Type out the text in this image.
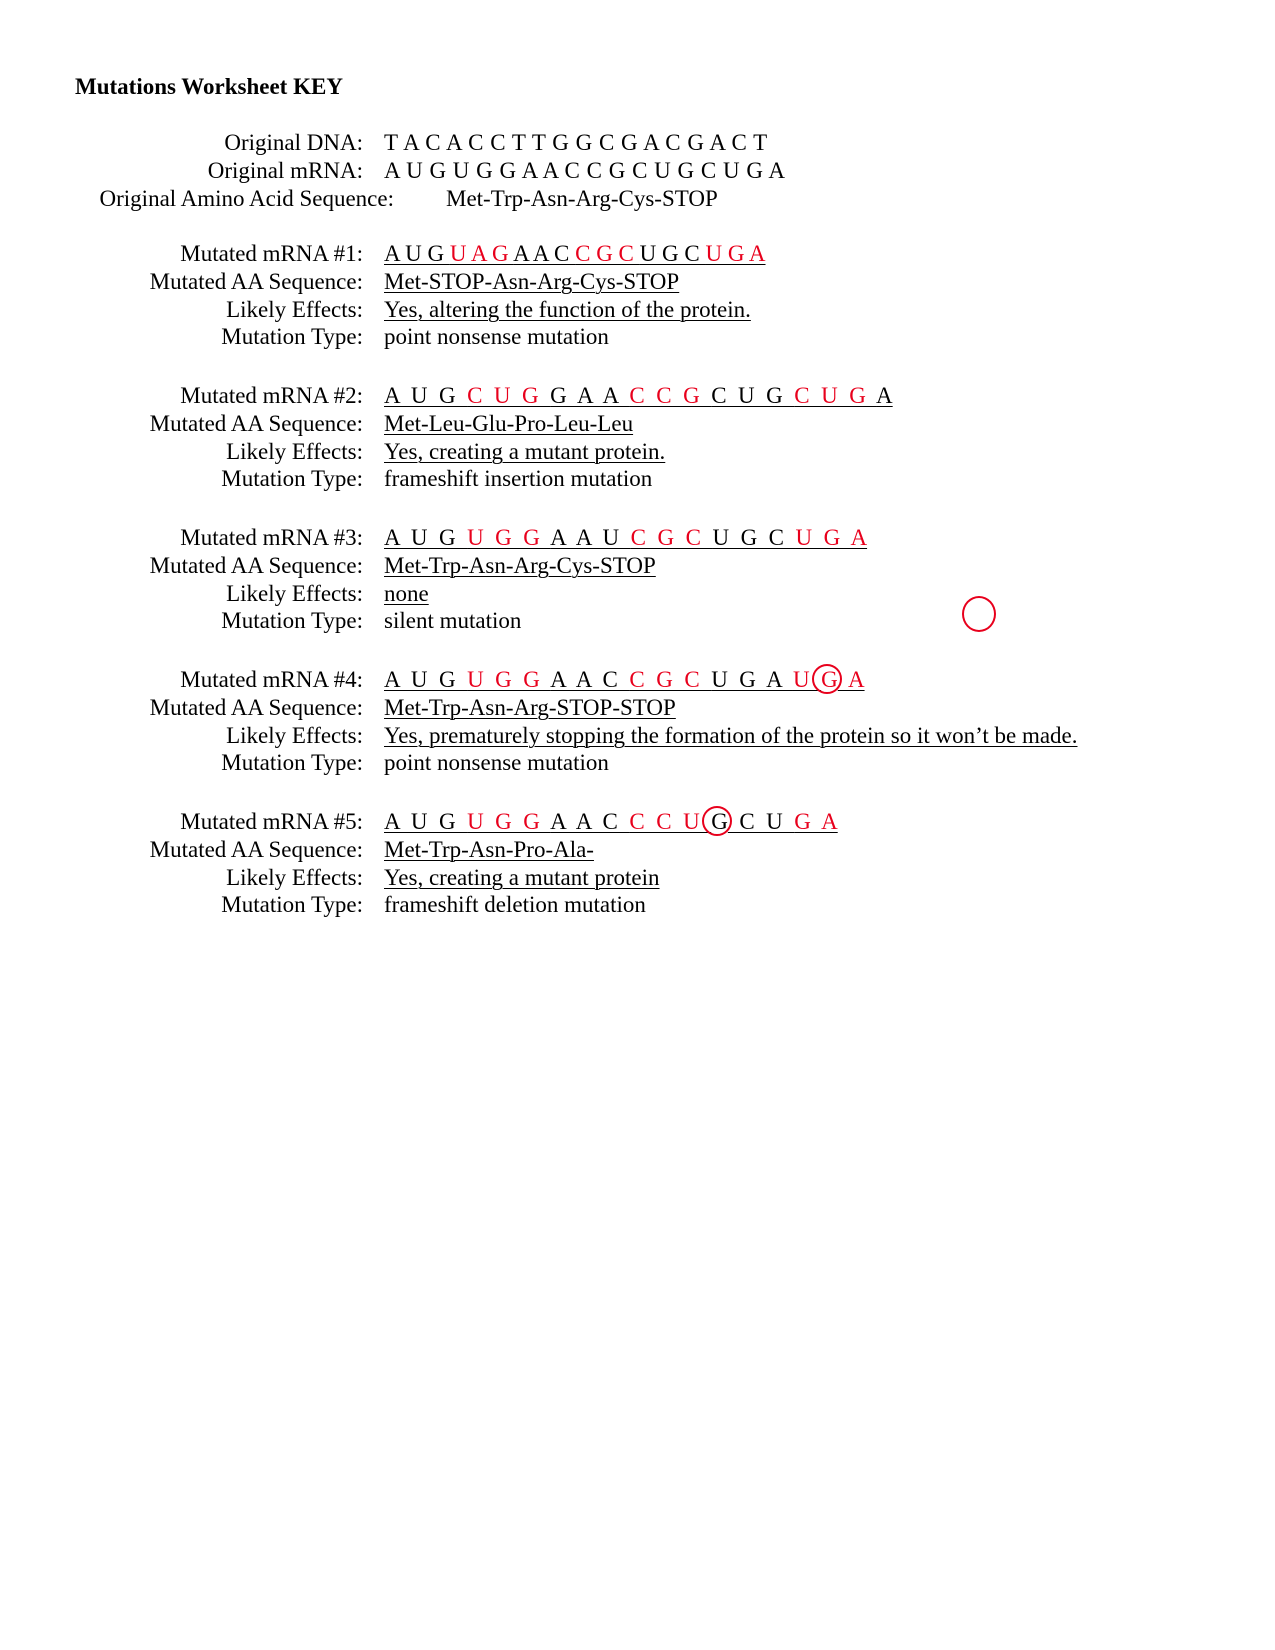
Mutations Worksheet KEY
Original DNA: T A C A C C T T G G C G A C G A C T
Original mRNA: A U G U G G A A C C G C U G C U G A
Original Amino Acid Sequence: Met-Trp-Asn-Arg-Cys-STOP
Mutated mRNA #1: A U G U A G A A C C G C U G C U G A
Mutated AA Sequence: Met-STOP-Asn-Arg-Cys-STOP
Likely Effects: Yes, altering the function of the protein.
Mutation Type: point nonsense mutation
Mutated mRNA #2: A  U  G  C  U  G  G  A  A  C  C  G  C  U  G  C  U  G  A
Mutated AA Sequence: Met-Leu-Glu-Pro-Leu-Leu
Likely Effects: Yes, creating a mutant protein.
Mutation Type: frameshift insertion mutation
Mutated mRNA #3: A  U  G  U  G  G  A  A  U  C  G  C  U  G  C  U  G  A
Mutated AA Sequence: Met-Trp-Asn-Arg-Cys-STOP
Likely Effects: none
Mutation Type: silent mutation
Mutated mRNA #4: A  U  G  U  G  G  A  A  C  C  G  C  U  G  A  U  G  A
Mutated AA Sequence: Met-Trp-Asn-Arg-STOP-STOP
Likely Effects: Yes, prematurely stopping the formation of the protein so it won’t be made.
Mutation Type: point nonsense mutation
Mutated mRNA #5: A  U  G  U  G  G  A  A  C  C  C  U  G  C  U  G  A
Mutated AA Sequence: Met-Trp-Asn-Pro-Ala-
Likely Effects: Yes, creating a mutant protein
Mutation Type: frameshift deletion mutation
